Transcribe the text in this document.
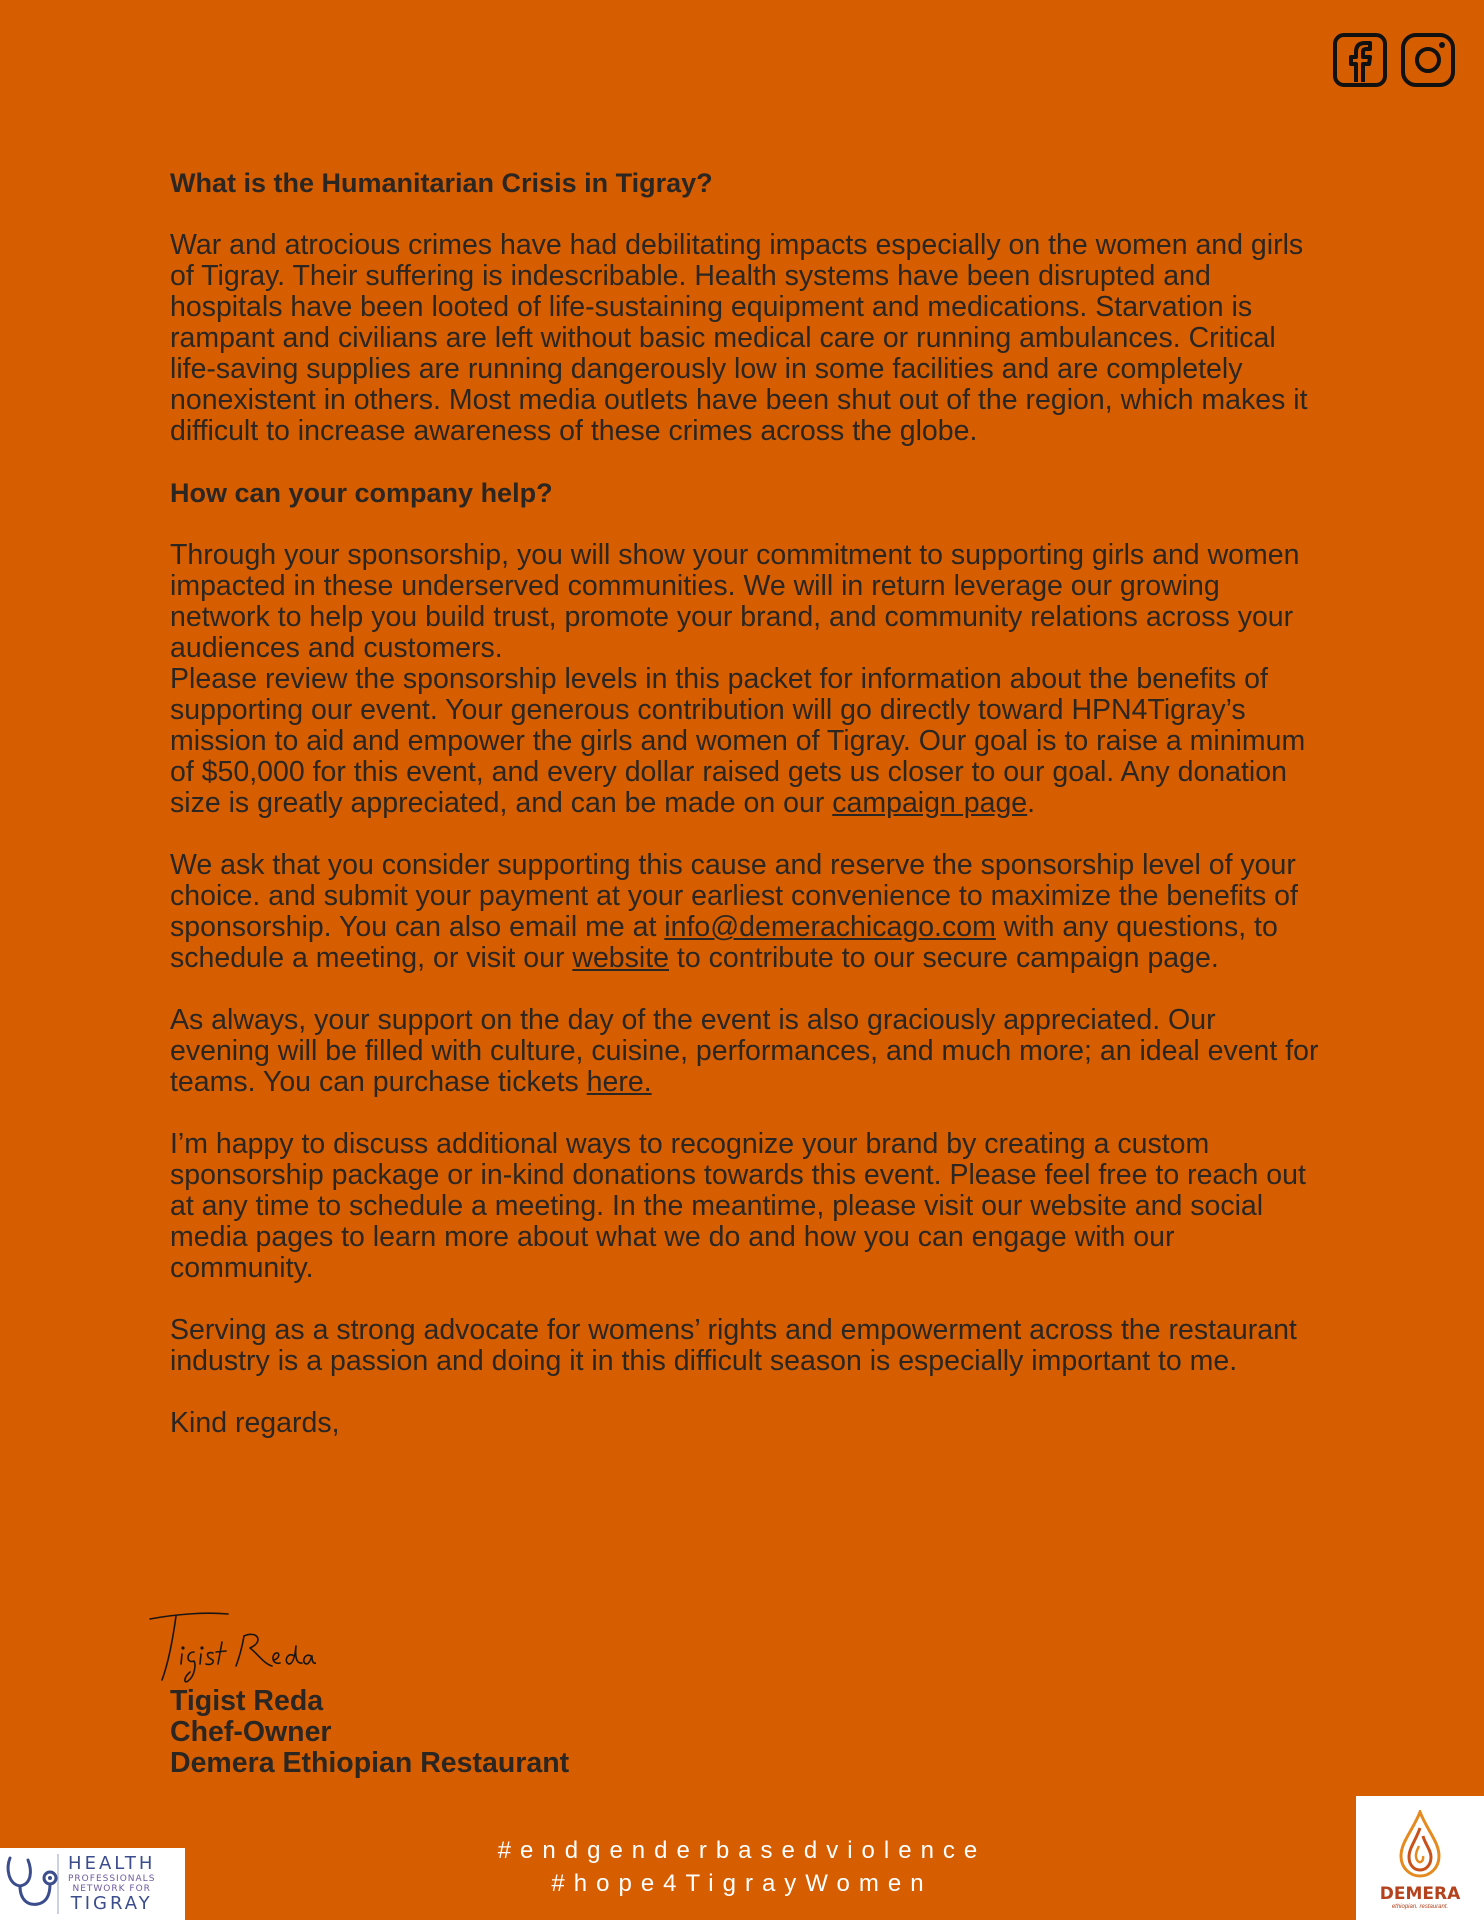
What is the Humanitarian Crisis in Tigray?

War and atrocious crimes have had debilitating impacts especially on the women and girls of Tigray. Their suffering is indescribable. Health systems have been disrupted and hospitals have been looted of life-sustaining equipment and medications. Starvation is rampant and civilians are left without basic medical care or running ambulances. Critical life-saving supplies are running dangerously low in some facilities and are completely nonexistent in others. Most media outlets have been shut out of the region, which makes it difficult to increase awareness of these crimes across the globe.

How can your company help?

Through your sponsorship, you will show your commitment to supporting girls and women impacted in these underserved communities. We will in return leverage our growing network to help you build trust, promote your brand, and community relations across your audiences and customers.

Please review the sponsorship levels in this packet for information about the benefits of supporting our event. Your generous contribution will go directly toward HPN4Tigray’s mission to aid and empower the girls and women of Tigray. Our goal is to raise a minimum of $50,000 for this event, and every dollar raised gets us closer to our goal. Any donation size is greatly appreciated, and can be made on our campaign page.

We ask that you consider supporting this cause and reserve the sponsorship level of your choice. and submit your payment at your earliest convenience to maximize the benefits of sponsorship. You can also email me at info@demerachicago.com with any questions, to schedule a meeting, or visit our website to contribute to our secure campaign page.

As always, your support on the day of the event is also graciously appreciated. Our evening will be filled with culture, cuisine, performances, and much more; an ideal event for teams. You can purchase tickets here.

I’m happy to discuss additional ways to recognize your brand by creating a custom sponsorship package or in-kind donations towards this event. Please feel free to reach out at any time to schedule a meeting. In the meantime, please visit our website and social media pages to learn more about what we do and how you can engage with our community.

Serving as a strong advocate for womens’ rights and empowerment across the restaurant industry is a passion and doing it in this difficult season is especially important to me.

Kind regards,

Tigist Reda
Chef-Owner
Demera Ethiopian Restaurant
#endgenderbasedviolence
#hope4TigrayWomen
HEALTH
PROFESSIONALS
NETWORK FOR
TIGRAY	DEMERA
ethiopian. restaurant.
